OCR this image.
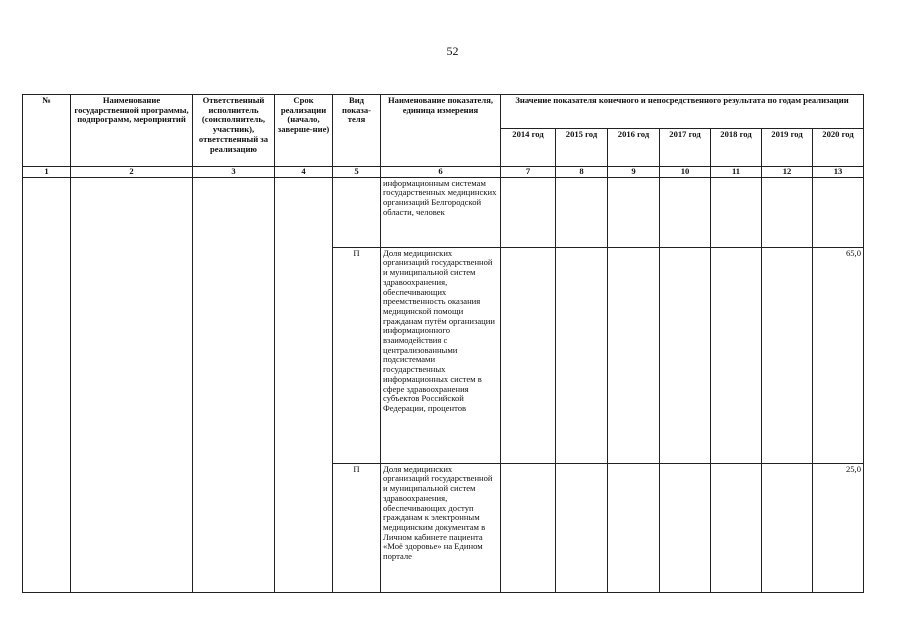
52
№	Наименование государственной программы, подпрограмм, мероприятий	Ответственный исполнитель (соисполнитель, участник), ответственный за реализацию	Срок реализации (начало, заверше-ние)	Вид показа-теля	Наименование показателя, единица измерения	Значение показателя конечного и непосредственного результата по годам реализации						
						2014 год	2015 год	2016 год	2017 год	2018 год	2019 год	2020 год
1	2	3	4	5	6	7	8	9	10	11	12	13
					информационным системам государственных медицинских организаций Белгородской области, человек							
				П	Доля медицинских организаций государственной и муниципальной систем здравоохранения, обеспечивающих преемственность оказания медицинской помощи гражданам путём организации информационного взаимодействия с централизованными подсистемами государственных информационных систем в сфере здравоохранения субъектов Российской Федерации, процентов							65,0
				П	Доля медицинских организаций государственной и муниципальной систем здравоохранения, обеспечивающих доступ гражданам к электронным медицинским документам в Личном кабинете пациента «Моё здоровье» на Едином портале							25,0
